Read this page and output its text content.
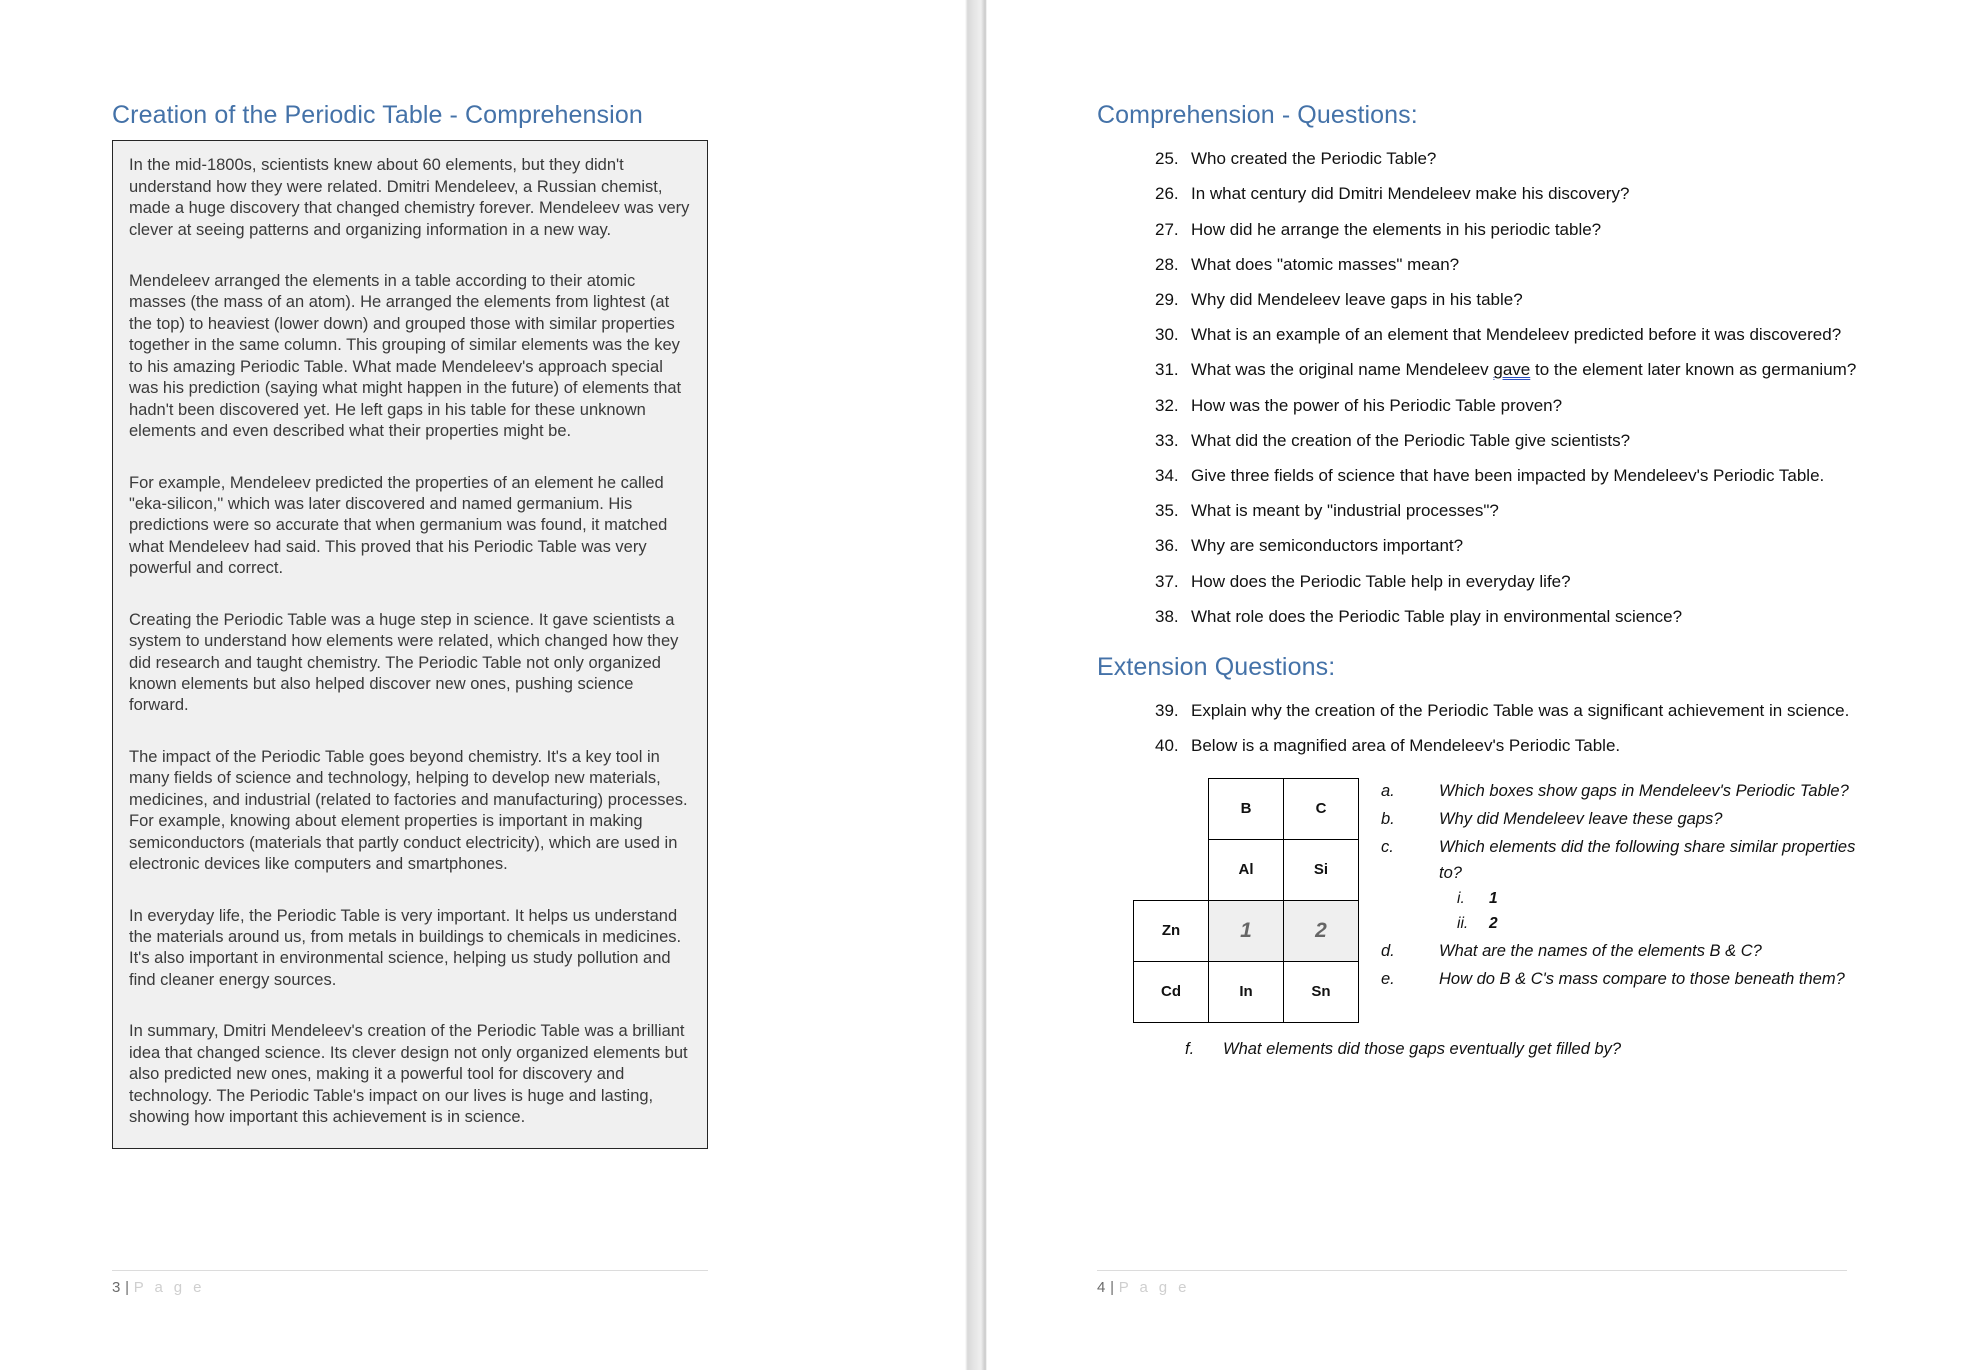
Creation of the Periodic Table - Comprehension

In the mid-1800s, scientists knew about 60 elements, but they didn't understand how they were related. Dmitri Mendeleev, a Russian chemist, made a huge discovery that changed chemistry forever. Mendeleev was very clever at seeing patterns and organizing information in a new way.

Mendeleev arranged the elements in a table according to their atomic masses (the mass of an atom). He arranged the elements from lightest (at the top) to heaviest (lower down) and grouped those with similar properties together in the same column. This grouping of similar elements was the key to his amazing Periodic Table. What made Mendeleev's approach special was his prediction (saying what might happen in the future) of elements that hadn't been discovered yet. He left gaps in his table for these unknown elements and even described what their properties might be.

For example, Mendeleev predicted the properties of an element he called "eka-silicon," which was later discovered and named germanium. His predictions were so accurate that when germanium was found, it matched what Mendeleev had said. This proved that his Periodic Table was very powerful and correct.

Creating the Periodic Table was a huge step in science. It gave scientists a system to understand how elements were related, which changed how they did research and taught chemistry. The Periodic Table not only organized known elements but also helped discover new ones, pushing science forward.

The impact of the Periodic Table goes beyond chemistry. It's a key tool in many fields of science and technology, helping to develop new materials, medicines, and industrial (related to factories and manufacturing) processes. For example, knowing about element properties is important in making semiconductors (materials that partly conduct electricity), which are used in electronic devices like computers and smartphones.

In everyday life, the Periodic Table is very important. It helps us understand the materials around us, from metals in buildings to chemicals in medicines. It's also important in environmental science, helping us study pollution and find cleaner energy sources.

In summary, Dmitri Mendeleev's creation of the Periodic Table was a brilliant idea that changed science. Its clever design not only organized elements but also predicted new ones, making it a powerful tool for discovery and technology. The Periodic Table's impact on our lives is huge and lasting, showing how important this achievement is in science.

3 | P a g e
Comprehension - Questions:
25. Who created the Periodic Table?
26. In what century did Dmitri Mendeleev make his discovery?
27. How did he arrange the elements in his periodic table?
28. What does "atomic masses" mean?
29. Why did Mendeleev leave gaps in his table?
30. What is an example of an element that Mendeleev predicted before it was discovered?
31. What was the original name Mendeleev gave to the element later known as germanium?
32. How was the power of his Periodic Table proven?
33. What did the creation of the Periodic Table give scientists?
34. Give three fields of science that have been impacted by Mendeleev's Periodic Table.
35. What is meant by "industrial processes"?
36. Why are semiconductors important?
37. How does the Periodic Table help in everyday life?
38. What role does the Periodic Table play in environmental science?
Extension Questions:
39. Explain why the creation of the Periodic Table was a significant achievement in science.
40. Below is a magnified area of Mendeleev's Periodic Table.
	B	C
	Al	Si
Zn	1	2
Cd	In	Sn
a.	Which boxes show gaps in Mendeleev's Periodic Table?
b.	Why did Mendeleev leave these gaps?
c.	Which elements did the following share similar properties to?
i.	1
ii.	2
d.	What are the names of the elements B & C?
e.	How do B & C's mass compare to those beneath them?
f. What elements did those gaps eventually get filled by?
4 | P a g e
